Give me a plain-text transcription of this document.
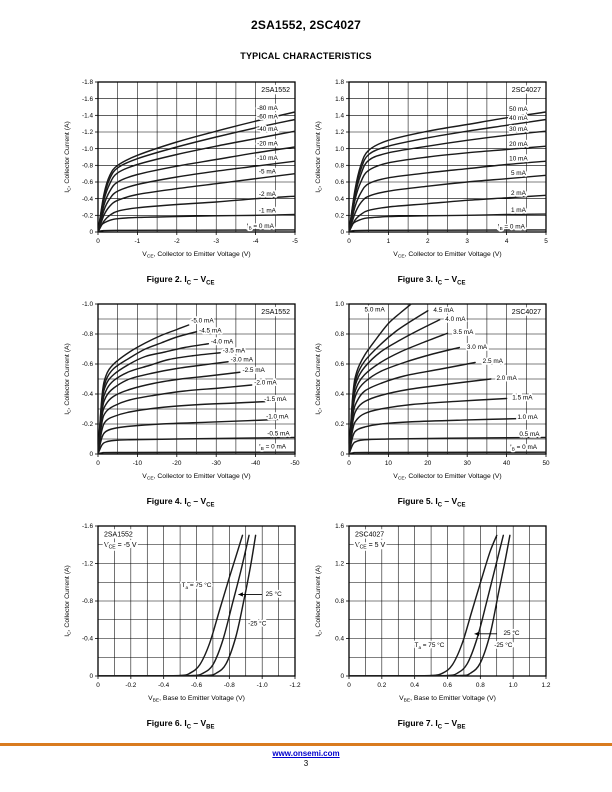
2SA1552, 2SC4027
TYPICAL CHARACTERISTICS
0	-1	-2	-3	-4	-5
0
-0.2
-0.4
-0.6
-0.8
-1.0
-1.2
-1.4
-1.6
-1.8
$V_{CE}$, Collector to Emitter Voltage (V)
$I_C$, Collector Current (A)
-80 mA
-60 mA
-40 mA
-20 mA
-10 mA
-5 mA
-2 mA
-1 mA
$I_B = 0$ mA
2SA1552
Figure 2. $I_C - V_{CE}$
0	1	2	3	4	5
0
0.2
0.4
0.6
0.8
1.0
1.2
1.4
1.6
1.8
$V_{CE}$, Collector to Emitter Voltage (V)
$I_C$, Collector Current (A)
50 mA
40 mA
30 mA
20 mA
10 mA
5 mA
2 mA
1 mA
$I_B = 0$ mA
2SC4027
Figure 3. $I_C - V_{CE}$
0	-10	-20	-30	-40	-50
0
-0.2
-0.4
-0.6
-0.8
-1.0
$V_{CE}$, Collector to Emitter Voltage (V)
$I_C$, Collector Current (A)
-5.0 mA
-4.5 mA
-4.0 mA
-3.5 mA
-3.0 mA
-2.5 mA
-2.0 mA
-1.5 mA
-1.0 mA
-0.5 mA
$I_B = 0$ mA
2SA1552
Figure 4. $I_C - V_{CE}$
0	10	20	30	40	50
0
0.2
0.4
0.6
0.8
1.0
$V_{CE}$, Collector to Emitter Voltage (V)
$I_C$, Collector Current (A)
5.0 mA	4.5 mA
4.0 mA
3.5 mA
3.0 mA
2.5 mA
2.0 mA
1.5 mA
1.0 mA
0.5 mA
$I_B = 0$ mA
2SC4027
Figure 5. $I_C - V_{CE}$
0	-0.2	-0.4	-0.6	-0.8	-1.0	-1.2
0
-0.4
-0.8
-1.2
-1.6
$V_{BE}$, Base to Emitter Voltage (V)
$I_C$, Collector Current (A)	$T_a = 75$ °C
25 °C
-25 °C
2SA1552
$V_{CE} = -5$ V
Figure 6. $I_C - V_{BE}$
0	0.2	0.4	0.6	0.8	1.0	1.2
0
0.4
0.8
1.2
1.6
$V_{BE}$, Base to Emitter Voltage (V)
$I_C$, Collector Current (A)
$T_a = 75$ °C
25 °C
-25 °C
2SC4027
$V_{CE} = 5$ V
Figure 7. $I_C - V_{BE}$
www.onsemi.com
3
